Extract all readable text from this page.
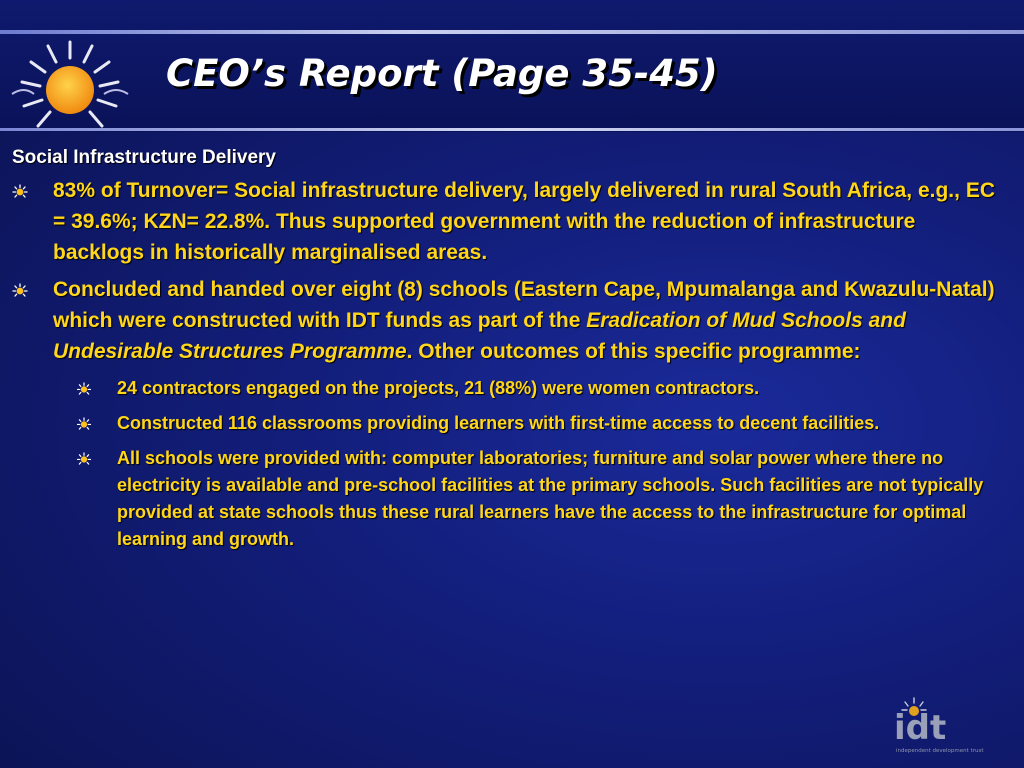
CEO’s Report (Page 35-45)

Social Infrastructure Delivery

83% of Turnover= Social infrastructure delivery, largely delivered in rural South Africa, e.g., EC = 39.6%; KZN= 22.8%. Thus supported government with the reduction of infrastructure backlogs in historically marginalised areas.
Concluded and handed over eight (8) schools (Eastern Cape, Mpumalanga and Kwazulu-Natal) which were constructed with IDT funds as part of the Eradication of Mud Schools and Undesirable Structures Programme. Other outcomes of this specific programme:
24 contractors engaged on the projects, 21 (88%) were women contractors.
Constructed 116 classrooms providing learners with first-time access to decent facilities.
All schools were provided with: computer laboratories; furniture and solar power where there no electricity is available and pre-school facilities at the primary schools. Such facilities are not typically provided at state schools thus these rural learners have the access to the infrastructure for optimal learning and growth.
idt
independent development trust
